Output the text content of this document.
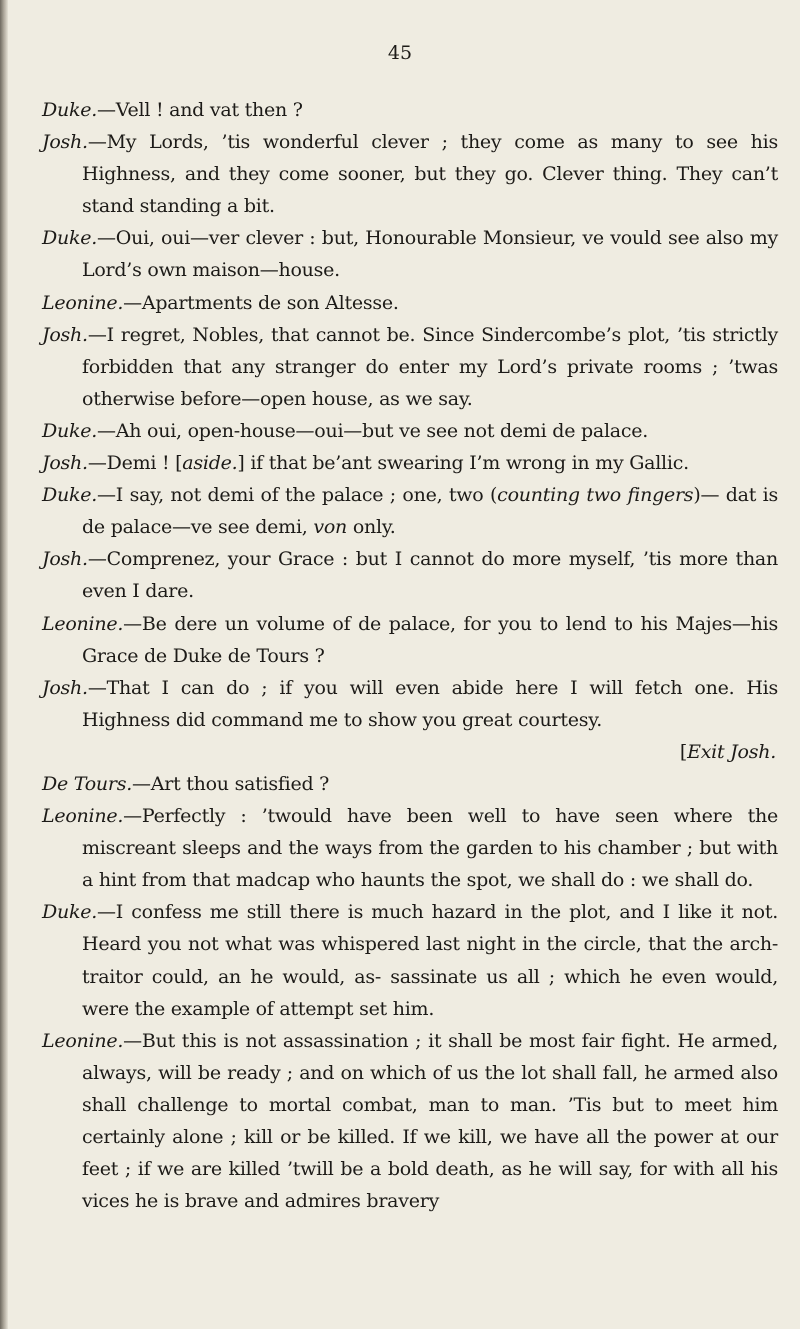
45

Duke.—Vell ! and vat then ?

Josh.—My Lords, ’tis wonderful clever ; they come as many to see his Highness, and they come sooner, but they go. Clever thing. They can’t stand standing a bit.

Duke.—Oui, oui—ver clever : but, Honourable Monsieur, ve vould see also my Lord’s own maison—house.

Leonine.—Apartments de son Altesse.

Josh.—I regret, Nobles, that cannot be. Since Sindercombe’s plot, ’tis strictly forbidden that any stranger do enter my Lord’s private rooms ; ’twas otherwise before—open house, as we say.

Duke.—Ah oui, open-house—oui—but ve see not demi de palace.

Josh.—Demi ! [aside.] if that be’ant swearing I’m wrong in my Gallic.

Duke.—I say, not demi of the palace ; one, two (counting two fingers)— dat is de palace—ve see demi, von only.

Josh.—Comprenez, your Grace : but I cannot do more myself, ’tis more than even I dare.

Leonine.—Be dere un volume of de palace, for you to lend to his Majes—his Grace de Duke de Tours ?

Josh.—That I can do ; if you will even abide here I will fetch one. His Highness did command me to show you great courtesy.

[Exit Josh.

De Tours.—Art thou satisfied ?

Leonine.—Perfectly : ’twould have been well to have seen where the miscreant sleeps and the ways from the garden to his chamber ; but with a hint from that madcap who haunts the spot, we shall do : we shall do.

Duke.—I confess me still there is much hazard in the plot, and I like it not. Heard you not what was whispered last night in the circle, that the arch-traitor could, an he would, as- sassinate us all ; which he even would, were the example of attempt set him.

Leonine.—But this is not assassination ; it shall be most fair fight. He armed, always, will be ready ; and on which of us the lot shall fall, he armed also shall challenge to mortal combat, man to man. ’Tis but to meet him certainly alone ; kill or be killed. If we kill, we have all the power at our feet ; if we are killed ’twill be a bold death, as he will say, for with all his vices he is brave and admires bravery
